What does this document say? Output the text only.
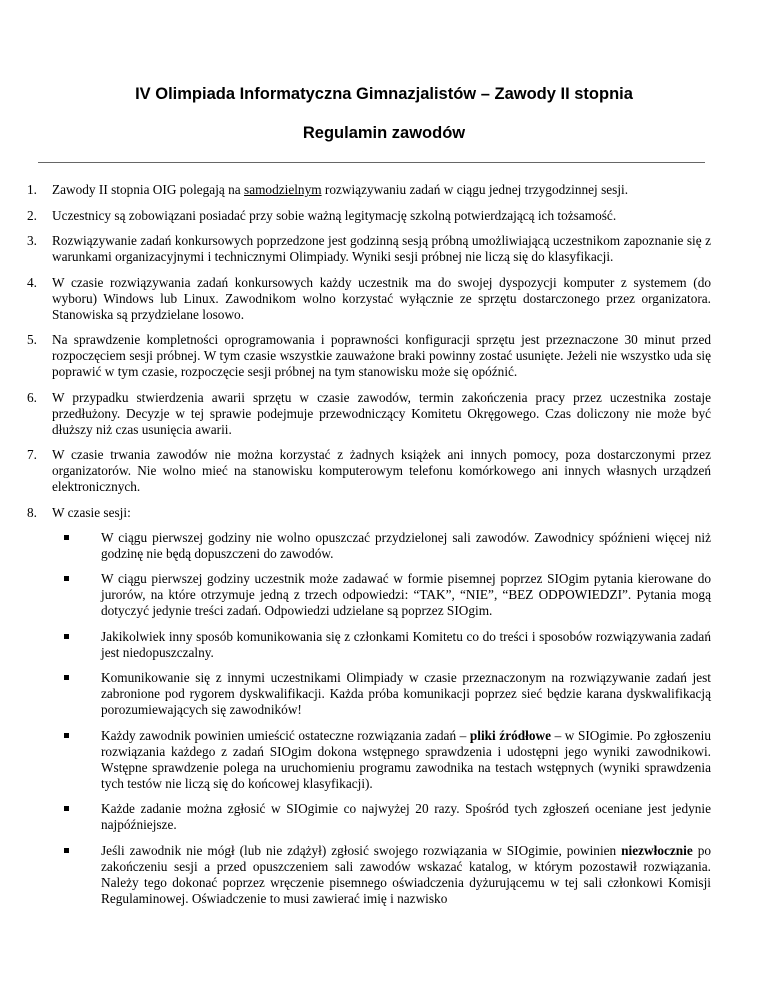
IV Olimpiada Informatyczna Gimnazjalistów – Zawody II stopnia
Regulamin zawodów
1. Zawody II stopnia OIG polegają na samodzielnym rozwiązywaniu zadań w ciągu jednej trzygodzinnej sesji.
2. Uczestnicy są zobowiązani posiadać przy sobie ważną legitymację szkolną potwierdzającą ich tożsamość.
3. Rozwiązywanie zadań konkursowych poprzedzone jest godzinną sesją próbną umożliwiającą uczestnikom zapoznanie się z warunkami organizacyjnymi i technicznymi Olimpiady. Wyniki sesji próbnej nie liczą się do klasyfikacji.
4. W czasie rozwiązywania zadań konkursowych każdy uczestnik ma do swojej dyspozycji komputer z systemem (do wyboru) Windows lub Linux. Zawodnikom wolno korzystać wyłącznie ze sprzętu dostarczonego przez organizatora. Stanowiska są przydzielane losowo.
5. Na sprawdzenie kompletności oprogramowania i poprawności konfiguracji sprzętu jest przeznaczone 30 minut przed rozpoczęciem sesji próbnej. W tym czasie wszystkie zauważone braki powinny zostać usunięte. Jeżeli nie wszystko uda się poprawić w tym czasie, rozpoczęcie sesji próbnej na tym stanowisku może się opóźnić.
6. W przypadku stwierdzenia awarii sprzętu w czasie zawodów, termin zakończenia pracy przez uczestnika zostaje przedłużony. Decyzje w tej sprawie podejmuje przewodniczący Komitetu Okręgowego. Czas doliczony nie może być dłuższy niż czas usunięcia awarii.
7. W czasie trwania zawodów nie można korzystać z żadnych książek ani innych pomocy, poza dostarczonymi przez organizatorów. Nie wolno mieć na stanowisku komputerowym telefonu komórkowego ani innych własnych urządzeń elektronicznych.
8. W czasie sesji:
W ciągu pierwszej godziny nie wolno opuszczać przydzielonej sali zawodów. Zawodnicy spóźnieni więcej niż godzinę nie będą dopuszczeni do zawodów.
W ciągu pierwszej godziny uczestnik może zadawać w formie pisemnej poprzez SIOgim pytania kierowane do jurorów, na które otrzymuje jedną z trzech odpowiedzi: “TAK”, “NIE”, “BEZ ODPOWIEDZI”. Pytania mogą dotyczyć jedynie treści zadań. Odpowiedzi udzielane są poprzez SIOgim.
Jakikolwiek inny sposób komunikowania się z członkami Komitetu co do treści i sposobów rozwiązywania zadań jest niedopuszczalny.
Komunikowanie się z innymi uczestnikami Olimpiady w czasie przeznaczonym na rozwiązywanie zadań jest zabronione pod rygorem dyskwalifikacji. Każda próba komunikacji poprzez sieć będzie karana dyskwalifikacją porozumiewających się zawodników!
Każdy zawodnik powinien umieścić ostateczne rozwiązania zadań – pliki źródłowe – w SIOgimie. Po zgłoszeniu rozwiązania każdego z zadań SIOgim dokona wstępnego sprawdzenia i udostępni jego wyniki zawodnikowi. Wstępne sprawdzenie polega na uruchomieniu programu zawodnika na testach wstępnych (wyniki sprawdzenia tych testów nie liczą się do końcowej klasyfikacji).
Każde zadanie można zgłosić w SIOgimie co najwyżej 20 razy. Spośród tych zgłoszeń oceniane jest jedynie najpóźniejsze.
Jeśli zawodnik nie mógł (lub nie zdążył) zgłosić swojego rozwiązania w SIOgimie, powinien niezwłocznie po zakończeniu sesji a przed opuszczeniem sali zawodów wskazać katalog, w którym pozostawił rozwiązania. Należy tego dokonać poprzez wręczenie pisemnego oświadczenia dyżurującemu w tej sali członkowi Komisji Regulaminowej. Oświadczenie to musi zawierać imię i nazwisko
